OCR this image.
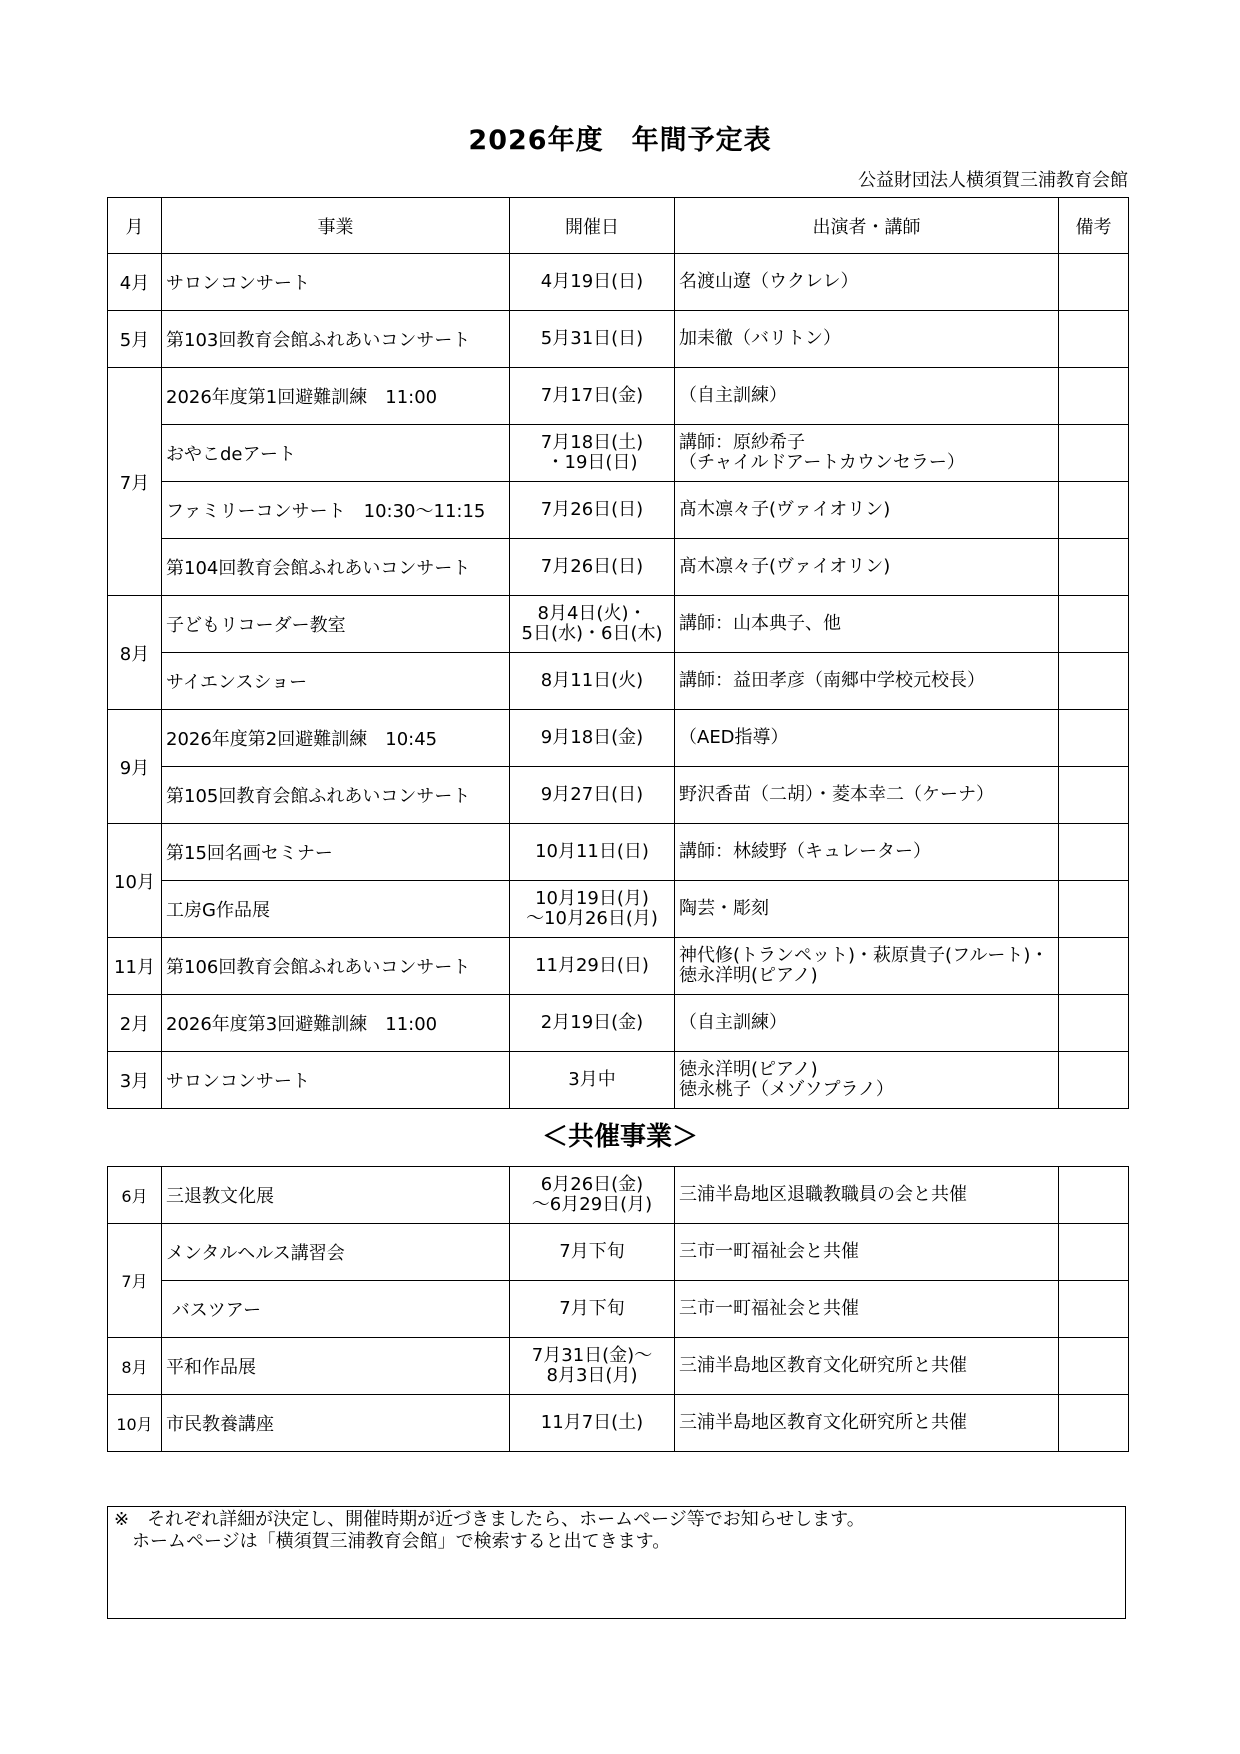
2026年度　年間予定表
公益財団法人横須賀三浦教育会館
月	事業	開催日	出演者・講師	備考
4月	サロンコンサート	4月19日(日)	名渡山遼（ウクレレ）	

5月	第103回教育会館ふれあいコンサート	5月31日(日)	加耒徹（バリトン）	

7月	2026年度第1回避難訓練　11:00	7月17日(金)	（自主訓練）	

	おやこdeアート	7月18日(土)
・19日(日)	講師：原紗希子
（チャイルドアートカウンセラー）	

	ファミリーコンサート　10:30～11:15	7月26日(日)	髙木凛々子(ヴァイオリン)	

	第104回教育会館ふれあいコンサート	7月26日(日)	髙木凛々子(ヴァイオリン)	

8月	子どもリコーダー教室	8月4日(火)・
5日(水)・6日(木)	講師：山本典子、他	

	サイエンスショー	8月11日(火)	講師：益田孝彦（南郷中学校元校長）	

9月	2026年度第2回避難訓練　10:45	9月18日(金)	（AED指導）	

	第105回教育会館ふれあいコンサート	9月27日(日)	野沢香苗（二胡）・菱本幸二（ケーナ）	

10月	第15回名画セミナー	10月11日(日)	講師：林綾野（キュレーター）	

	工房G作品展	10月19日(月)
～10月26日(月)	陶芸・彫刻	

11月	第106回教育会館ふれあいコンサート	11月29日(日)	神代修(トランペット)・萩原貴子(フルート)・
徳永洋明(ピアノ)	

2月	2026年度第3回避難訓練　11:00	2月19日(金)	（自主訓練）	

3月	サロンコンサート	3月中	徳永洋明(ピアノ)
徳永桃子（メゾソプラノ）	

＜共催事業＞
6月	三退教文化展	6月26日(金)
～6月29日(月)	三浦半島地区退職教職員の会と共催	

7月	メンタルヘルス講習会	7月下旬	三市一町福祉会と共催	

	バスツアー	7月下旬	三市一町福祉会と共催	

8月	平和作品展	7月31日(金)～
8月3日(月)	三浦半島地区教育文化研究所と共催	

10月	市民教養講座	11月7日(土)	三浦半島地区教育文化研究所と共催	

※　それぞれ詳細が決定し、開催時期が近づきましたら、ホームページ等でお知らせします。
　ホームページは「横須賀三浦教育会館」で検索すると出てきます。
